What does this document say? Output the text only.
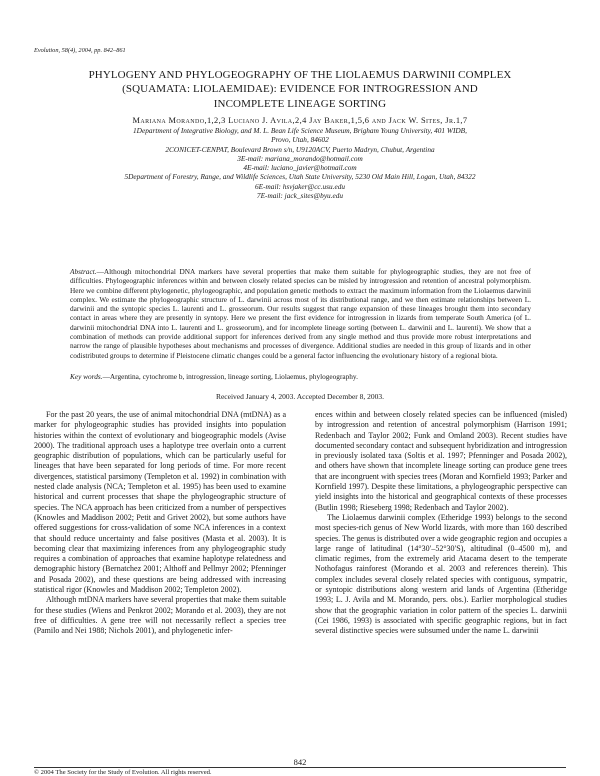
Evolution, 58(4), 2004, pp. 842–861
PHYLOGENY AND PHYLOGEOGRAPHY OF THE LIOLAEMUS DARWINII COMPLEX
(SQUAMATA: LIOLAEMIDAE): EVIDENCE FOR INTROGRESSION AND
INCOMPLETE LINEAGE SORTING
Mariana Morando,1,2,3 Luciano J. Avila,2,4 Jay Baker,1,5,6 and Jack W. Sites, Jr.1,7
1Department of Integrative Biology, and M. L. Bean Life Science Museum, Brigham Young University, 401 WIDB,
Provo, Utah, 84602
2CONICET-CENPAT, Boulevard Brown s/n, U9120ACV, Puerto Madryn, Chubut, Argentina
3E-mail: mariana_morando@hotmail.com
4E-mail: luciano_javier@hotmail.com
5Department of Forestry, Range, and Wildlife Sciences, Utah State University, 5230 Old Main Hill, Logan, Utah, 84322
6E-mail: hsvjaker@cc.usu.edu
7E-mail: jack_sites@byu.edu
Abstract.—Although mitochondrial DNA markers have several properties that make them suitable for phylogeographic studies, they are not free of difficulties. Phylogeographic inferences within and between closely related species can be misled by introgression and retention of ancestral polymorphism. Here we combine different phylogenetic, phylogeographic, and population genetic methods to extract the maximum information from the Liolaemus darwinii complex. We estimate the phylogeographic structure of L. darwinii across most of its distributional range, and we then estimate relationships between L. darwinii and the syntopic species L. laurenti and L. grosseorum. Our results suggest that range expansion of these lineages brought them into secondary contact in areas where they are presently in syntopy. Here we present the first evidence for introgression in lizards from temperate South America (of L. darwinii mitochondrial DNA into L. laurenti and L. grosseorum), and for incomplete lineage sorting (between L. darwinii and L. laurenti). We show that a combination of methods can provide additional support for inferences derived from any single method and thus provide more robust interpretations and narrow the range of plausible hypotheses about mechanisms and processes of divergence. Additional studies are needed in this group of lizards and in other codistributed groups to determine if Pleistocene climatic changes could be a general factor influencing the evolutionary history of a regional biota.
Key words.—Argentina, cytochrome b, introgression, lineage sorting, Liolaemus, phylogeography.
Received January 4, 2003. Accepted December 8, 2003.

For the past 20 years, the use of animal mitochondrial DNA (mtDNA) as a marker for phylogeographic studies has provided insights into population histories within the context of evolutionary and biogeographic models (Avise 2000). The traditional approach uses a haplotype tree overlain onto a current geographic distribution of populations, which can be particularly useful for lineages that have been separated for long periods of time. For more recent divergences, statistical parsimony (Templeton et al. 1992) in combination with nested clade analysis (NCA; Templeton et al. 1995) has been used to examine historical and current processes that shape the phylogeographic structure of species. The NCA approach has been criticized from a number of perspectives (Knowles and Maddison 2002; Petit and Grivet 2002), but some authors have offered suggestions for cross-validation of some NCA inferences in a context that should reduce uncertainty and false positives (Masta et al. 2003). It is becoming clear that maximizing inferences from any phylogeographic study requires a combination of approaches that examine haplotype relatedness and demographic history (Bernatchez 2001; Althoff and Pellmyr 2002; Pfenninger and Posada 2002), and these questions are being addressed with increasing statistical rigor (Knowles and Maddison 2002; Templeton 2002).

Although mtDNA markers have several properties that make them suitable for these studies (Wiens and Penkrot 2002; Morando et al. 2003), they are not free of difficulties. A gene tree will not necessarily reflect a species tree (Pamilo and Nei 1988; Nichols 2001), and phylogenetic infer-

ences within and between closely related species can be influenced (misled) by introgression and retention of ancestral polymorphism (Harrison 1991; Redenbach and Taylor 2002; Funk and Omland 2003). Recent studies have documented secondary contact and subsequent hybridization and introgression in previously isolated taxa (Soltis et al. 1997; Pfenninger and Posada 2002), and others have shown that incomplete lineage sorting can produce gene trees that are incongruent with species trees (Moran and Kornfield 1993; Parker and Kornfield 1997). Despite these limitations, a phylogeographic perspective can yield insights into the historical and geographical contexts of these processes (Butlin 1998; Rieseberg 1998; Redenbach and Taylor 2002).

The Liolaemus darwinii complex (Etheridge 1993) belongs to the second most species-rich genus of New World lizards, with more than 160 described species. The genus is distributed over a wide geographic region and occupies a large range of latitudinal (14°30′–52°30′S), altitudinal (0–4500 m), and climatic regimes, from the extremely arid Atacama desert to the temperate Nothofagus rainforest (Morando et al. 2003 and references therein). This complex includes several closely related species with contiguous, sympatric, or syntopic distributions along western arid lands of Argentina (Etheridge 1993; L. J. Avila and M. Morando, pers. obs.). Earlier morphological studies show that the geographic variation in color pattern of the species L. darwinii (Cei 1986, 1993) is associated with specific geographic regions, but in fact several distinctive species were subsumed under the name L. darwinii

842
© 2004 The Society for the Study of Evolution. All rights reserved.
